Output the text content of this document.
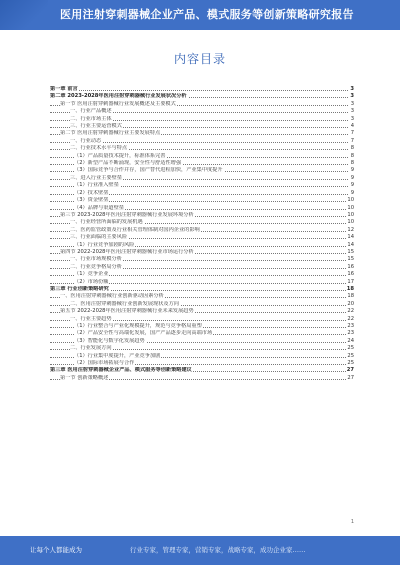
医用注射穿刺器械企业产品、模式服务等创新策略研究报告
内容目录
第一章 前言	3
第二章 2023-2028年医用注射穿刺器械行业发展状况分析	3
第一节 医用注射穿刺器械行业发展概述及主要模式	3
一、行业产品概述	3
二、行业市场主体	3
三、行业主要运营模式	4
第二节 医用注射穿刺器械行业主要发展特点	7
一、行业动态	7
二、行业技术水平与特点	8
（1）产品质量技术提升，标准体系完善	8
（2）新型产品不断涌现，安全性与舒适性增强	8
（3）国际竞争与合作并存，国产替代进程加快，产业集中度提升	9
三、进入行业主要壁垒	9
（1）行业准入壁垒	9
（2）技术壁垒	9
（3）资金壁垒	10
（4）品牌与渠道壁垒	10
第三节 2023-2028年医用注射穿刺器械行业发展环境分析	10
一、行业经营所面临的发展机遇	10
二、医药监管政策及行业相关管理体制对国内企业的影响	12
三、行业面临的主要风险	14
（1）行业竞争加剧的风险	14
第四节 2022-2028年医用注射穿刺器械行业市场运行分析	15
一、行业市场规模分析	15
二、行业竞争格局分析	16
（1）竞争企业	16
（2）市场份额	17
第三章 行业创新策略研究	18
一、医用注射穿刺器械行业创新驱动因素分析	18
二、医用注射穿刺器械行业创新发展现状及方向	20
第五节 2022-2028年医用注射穿刺器械行业未来发展趋势	22
一、行业主要趋势	22
（1）行业整合与产业化规模提升，规范与竞争格局重塑	23
（2）产品安全性与高端化发展，国产产品逐步走向高端市场	23
（3）智能化与数字化发展趋势	24
二、行业发展方向	25
（1）行业集中度提升，产业竞争加剧	25
（2）国际市场拓展与合作	25
第三章 医用注射穿刺器械企业产品、模式服务等创新策略建议	27
第一节 创新策略概述	27
1
让每个人都能成为	行业专家，管理专家，营销专家，战略专家，成功企业家……
